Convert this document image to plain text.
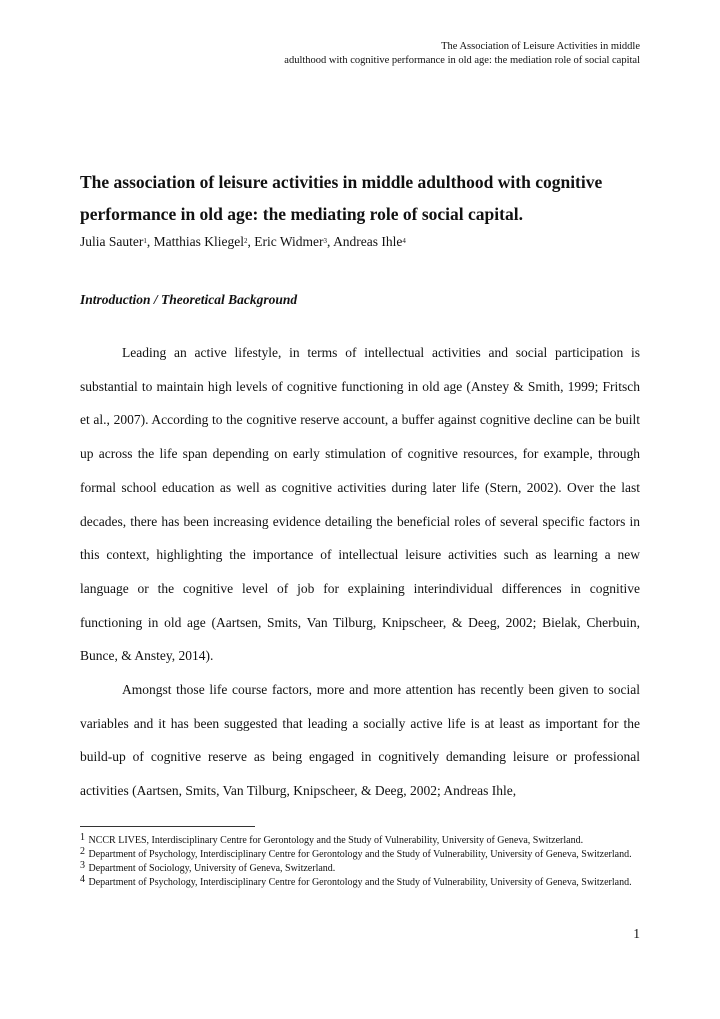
The Association of Leisure Activities in middle
adulthood with cognitive performance in old age: the mediation role of social capital
The association of leisure activities in middle adulthood with cognitive performance in old age: the mediating role of social capital.
Julia Sauter$^1$, Matthias Kliegel$^2$, Eric Widmer$^3$, Andreas Ihle$^4$
Introduction / Theoretical Background

Leading an active lifestyle, in terms of intellectual activities and social participation is substantial to maintain high levels of cognitive functioning in old age (Anstey & Smith, 1999; Fritsch et al., 2007). According to the cognitive reserve account, a buffer against cognitive decline can be built up across the life span depending on early stimulation of cognitive resources, for example, through formal school education as well as cognitive activities during later life (Stern, 2002). Over the last decades, there has been increasing evidence detailing the beneficial roles of several specific factors in this context, highlighting the importance of intellectual leisure activities such as learning a new language or the cognitive level of job for explaining interindividual differences in cognitive functioning in old age (Aartsen, Smits, Van Tilburg, Knipscheer, & Deeg, 2002; Bielak, Cherbuin, Bunce, & Anstey, 2014).

Amongst those life course factors, more and more attention has recently been given to social variables and it has been suggested that leading a socially active life is at least as important for the build-up of cognitive reserve as being engaged in cognitively demanding leisure or professional activities (Aartsen, Smits, Van Tilburg, Knipscheer, & Deeg, 2002; Andreas Ihle,

$^1$ NCCR LIVES, Interdisciplinary Centre for Gerontology and the Study of Vulnerability, University of Geneva, Switzerland.

$^2$ Department of Psychology, Interdisciplinary Centre for Gerontology and the Study of Vulnerability, University of Geneva, Switzerland.

$^3$ Department of Sociology, University of Geneva, Switzerland.

$^4$ Department of Psychology, Interdisciplinary Centre for Gerontology and the Study of Vulnerability, University of Geneva, Switzerland.

1
